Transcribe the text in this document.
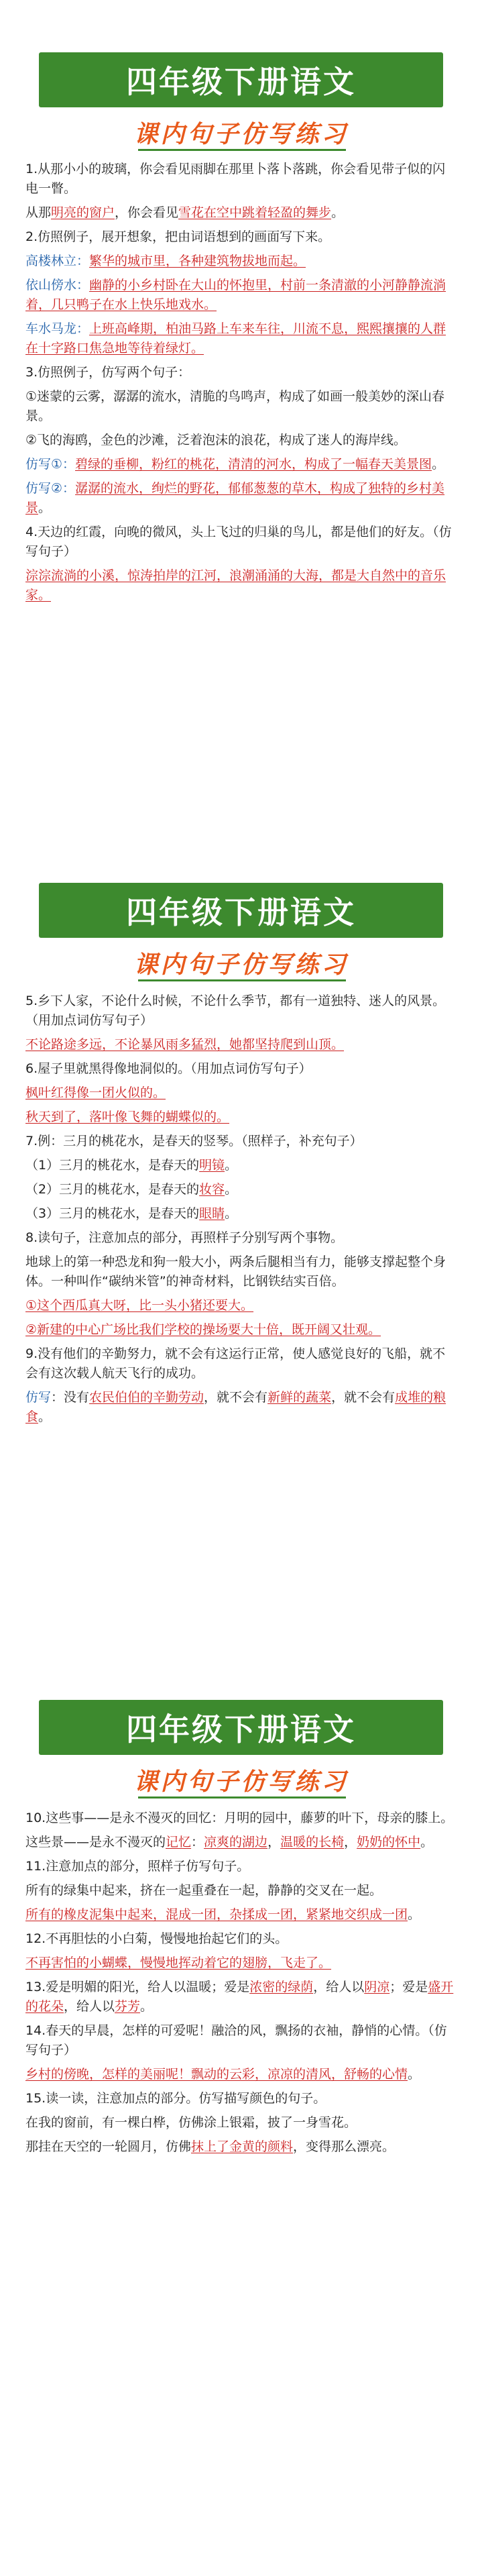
四年级下册语文
课内句子仿写练习

1.从那小小的玻璃，你会看见雨脚在那里卜落卜落跳，你会看见带子似的闪电一瞥。

从那明亮的窗户，你会看见雪花在空中跳着轻盈的舞步。

2.仿照例子，展开想象，把由词语想到的画面写下来。

高楼林立：繁华的城市里，各种建筑物拔地而起。

依山傍水：幽静的小乡村卧在大山的怀抱里，村前一条清澈的小河静静流淌着，几只鸭子在水上快乐地戏水。

车水马龙：上班高峰期，柏油马路上车来车往，川流不息，熙熙攘攘的人群在十字路口焦急地等待着绿灯。

3.仿照例子，仿写两个句子：

①迷蒙的云雾，潺潺的流水，清脆的鸟鸣声，构成了如画一般美妙的深山春景。

②飞的海鸥，金色的沙滩，泛着泡沫的浪花，构成了迷人的海岸线。

仿写①：碧绿的垂柳，粉红的桃花，清清的河水，构成了一幅春天美景图。

仿写②：潺潺的流水，绚烂的野花，郁郁葱葱的草木，构成了独特的乡村美景。

4.天边的红霞，向晚的微风，头上飞过的归巢的鸟儿，都是他们的好友。（仿写句子）

淙淙流淌的小溪，惊涛拍岸的江河，浪潮涌涌的大海，都是大自然中的音乐家。

四年级下册语文
课内句子仿写练习

5.乡下人家，不论什么时候，不论什么季节，都有一道独特、迷人的风景。（用加点词仿写句子）

不论路途多远，不论暴风雨多猛烈，她都坚持爬到山顶。

6.屋子里就黑得像地洞似的。（用加点词仿写句子）

枫叶红得像一团火似的。

秋天到了，落叶像飞舞的蝴蝶似的。

7.例：三月的桃花水，是春天的竖琴。（照样子，补充句子）

（1）三月的桃花水，是春天的明镜。

（2）三月的桃花水，是春天的妆容。

（3）三月的桃花水，是春天的眼睛。

8.读句子，注意加点的部分，再照样子分别写两个事物。

地球上的第一种恐龙和狗一般大小，两条后腿相当有力，能够支撑起整个身体。一种叫作“碳纳米管”的神奇材料，比钢铁结实百倍。

①这个西瓜真大呀，比一头小猪还要大。

②新建的中心广场比我们学校的操场要大十倍，既开阔又壮观。

9.没有他们的辛勤努力，就不会有这运行正常，使人感觉良好的飞船，就不会有这次载人航天飞行的成功。

仿写：没有农民伯伯的辛勤劳动，就不会有新鲜的蔬菜，就不会有成堆的粮食。

四年级下册语文
课内句子仿写练习

10.这些事——是永不漫灭的回忆：月明的园中，藤萝的叶下，母亲的膝上。

这些景——是永不漫灭的记忆：凉爽的湖边，温暖的长椅，奶奶的怀中。

11.注意加点的部分，照样子仿写句子。

所有的绿集中起来，挤在一起重叠在一起，静静的交叉在一起。

所有的橡皮泥集中起来，混成一团，杂揉成一团，紧紧地交织成一团。

12.不再胆怯的小白菊，慢慢地抬起它们的头。

不再害怕的小蝴蝶，慢慢地挥动着它的翅膀，飞走了。

13.爱是明媚的阳光，给人以温暖；爱是浓密的绿荫，给人以阴凉；爱是盛开的花朵，给人以芬芳。

14.春天的早晨，怎样的可爱呢！融洽的风，飘扬的衣袖，静悄的心情。（仿写句子）

乡村的傍晚，怎样的美丽呢！飘动的云彩，凉凉的清风，舒畅的心情。

15.读一读，注意加点的部分。仿写描写颜色的句子。

在我的窗前，有一棵白桦，仿佛涂上银霜，披了一身雪花。

那挂在天空的一轮圆月，仿佛抹上了金黄的颜料，变得那么漂亮。
